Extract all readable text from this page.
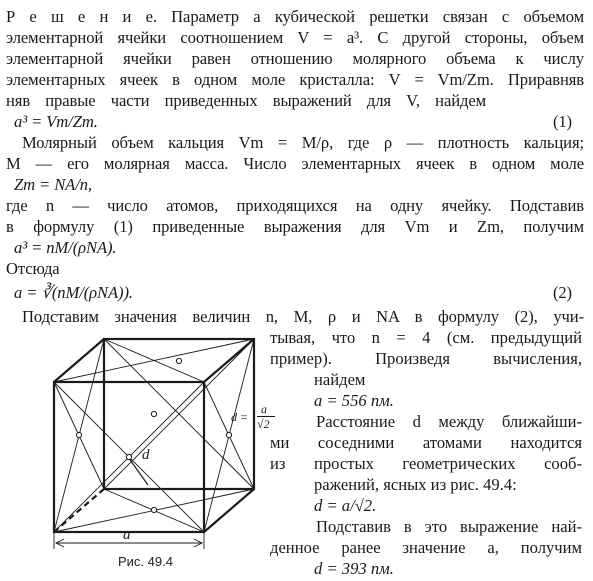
Р е ш е н и е. Параметр a кубической решетки связан с объемом
элементарной ячейки соотношением V = a³. С другой стороны, объем
элементарной ячейки равен отношению молярного объема к числу
элементарных ячеек в одном моле кристалла: V = Vm/Zm. Приравняв
няв правые части приведенных выражений для V, найдем
a³ = Vm/Zm.	(1)
Молярный объем кальция Vm = M/ρ, где ρ — плотность кальция;
M — его молярная масса. Число элементарных ячеек в одном моле
Zm = NA/n,
где n — число атомов, приходящихся на одну ячейку. Подставив
в формулу (1) приведенные выражения для Vm и Zm, получим
a³ = nM/(ρNA).
Отсюда
a = ∛(nM/(ρNA)).	(2)
Подставим значения величин n, M, ρ и NA в формулу (2), учи-
тывая, что n = 4 (см. предыдущий
пример). Произведя вычисления,
найдем
a = 556 пм.
Расстояние d между ближайши-
ми соседними атомами находится
из простых геометрических сооб-
ражений, ясных из рис. 49.4:
d = a/√2.
Подставив в это выражение най-
денное ранее значение a, получим
d = 393 пм.
d
a
d =
a
√2
Рис. 49.4
